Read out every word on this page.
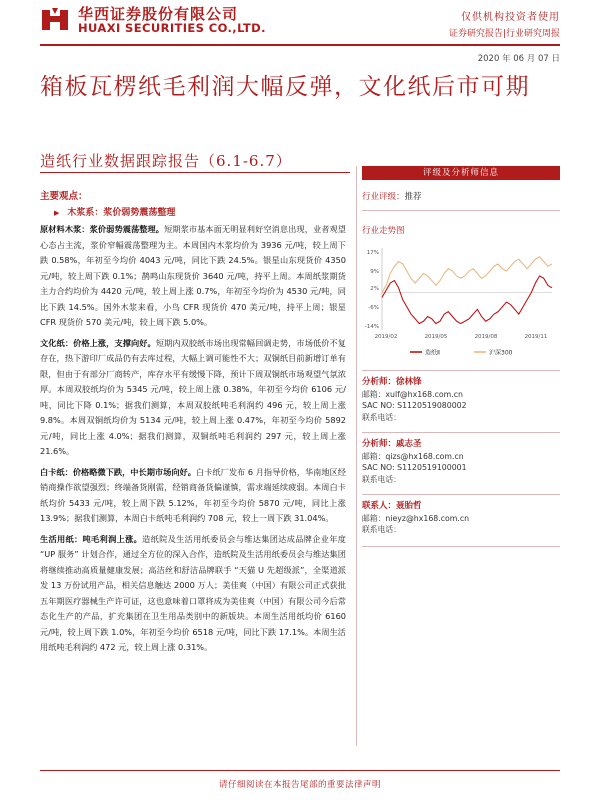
华西证券股份有限公司
HUAXI SECURITIES CO.,LTD.
仅供机构投资者使用
证券研究报告|行业研究周报
2020 年 06 月 07 日
箱板瓦楞纸毛利润大幅反弹，文化纸后市可期
造纸行业数据跟踪报告（6.1-6.7）
主要观点：
▶ 木浆系：浆价弱势震荡整理

原材料木浆：浆价弱势震荡整理。短期浆市基本面无明显利好空消息出现，业者观望心态占主流，浆价窄幅震荡整理为主。本周国内木浆均价为 3936 元/吨，较上周下跌 0.58%，年初至今均价 4043 元/吨，同比下跌 24.5%。银星山东现货价 4350 元/吨，较上周下跌 0.1%；鹊鸣山东现货价 3640 元/吨，持平上周。本周纸浆期货主力合约均价为 4420 元/吨，较上周上涨 0.7%，年初至今均价为 4530 元/吨，同比下跌 14.5%。国外木浆来看，小鸟 CFR 现货价 470 美元/吨，持平上周；银星 CFR 现货价 570 美元/吨，较上周下跌 5.0%。

文化纸：价格上涨，支撑向好。短期内双胶纸市场出现常幅回调走势，市场低价不复存在，热下游印厂成品仍有去库过程，大幅上调可能性不大；双铜纸目前新增订单有限，但由于有部分厂商转产，库存水平有缓慢下降，预计下周双铜纸市场观望气氛浓厚。本周双胶纸均价为 5345 元/吨，较上周上涨 0.38%，年初至今均价 6106 元/吨，同比下降 0.1%；据我们测算，本周双胶纸吨毛利润约 496 元，较上周上涨 9.8%。本周双铜纸均价为 5134 元/吨，较上周上涨 0.47%，年初至今均价 5892 元/吨，同比上涨 4.0%；据我们测算，双铜纸吨毛利润约 297 元，较上周上涨 21.6%。

白卡纸：价格略微下跌，中长期市场向好。白卡纸厂发布 6 月指导价格，华南地区经销商操作欲望强烈；终端备货刚需，经销商备货偏谨慎，需求端延续疲弱。本周白卡纸均价 5433 元/吨，较上周下跌 5.12%，年初至今均价 5870 元/吨，同比上涨 13.9%；据我们测算，本周白卡纸吨毛利润约 708 元，较上一周下跌 31.04%。

生活用纸：吨毛利润上涨。造纸院及生活用纸委员会与维达集团达成品牌企业年度 “UP 服务” 计划合作，通过全方位的深入合作，造纸院及生活用纸委员会与维达集团将继续推动高质量健康发展；高洁丝和舒洁品牌联手 “天猫 U 先超级派”，全渠道派发 13 万份试用产品，相关信息触达 2000 万人；美佳爽（中国）有限公司正式获批五年期医疗器械生产许可证，这也意味着口罩将成为美佳爽（中国）有限公司今后常态化生产的产品，扩充集团在卫生用品类别中的新版块。本周生活用纸均价 6160 元/吨，较上周下跌 1.0%，年初至今均价 6518 元/吨，同比下跌 17.1%。本周生活用纸吨毛利润约 472 元，较上周上涨 0.31%。

评级及分析师信息
行业评级：推荐
行业走势图
17%
9%
2%
-6%
-14%
2019/02	2019/05	2019/08	2019/11
造纸Ⅱ	沪深300
分析师：徐林锋
邮箱：xulf@hx168.com.cn
SAC NO: S1120519080002
联系电话：
分析师：戚志圣
邮箱：qizs@hx168.com.cn
SAC NO: S1120519100001
联系电话：
联系人：聂胎哲
邮箱：nieyz@hx168.com.cn
联系电话：
请仔细阅读在本报告尾部的重要法律声明
